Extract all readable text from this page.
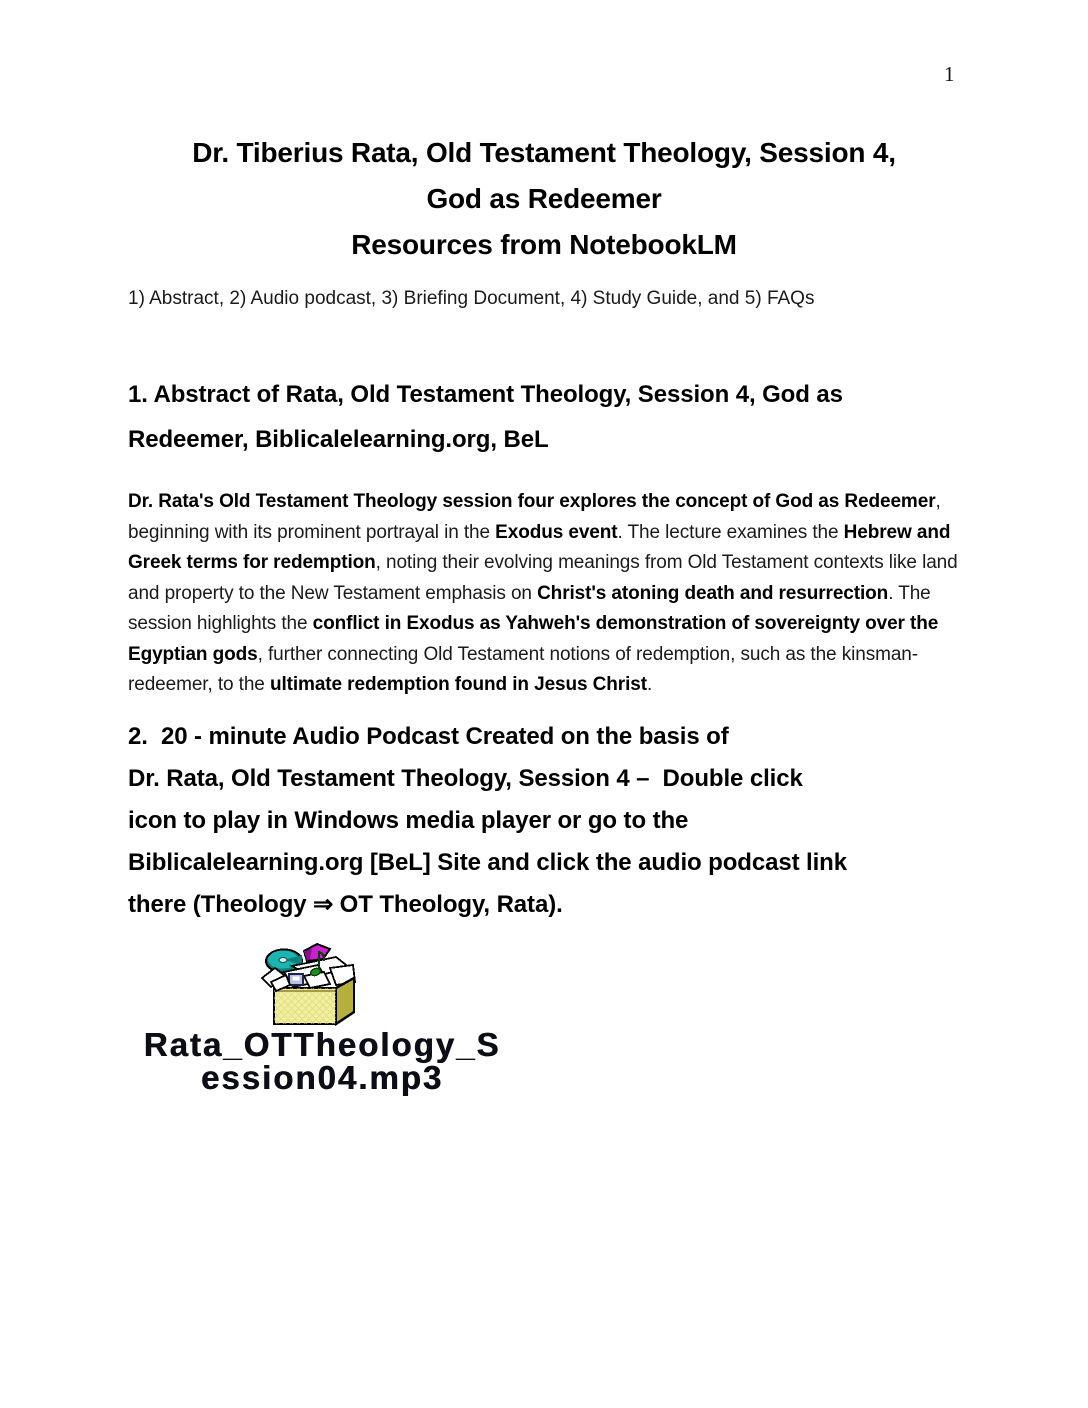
1
Dr. Tiberius Rata, Old Testament Theology, Session 4,
God as Redeemer
Resources from NotebookLM

1) Abstract, 2) Audio podcast, 3) Briefing Document, 4) Study Guide, and 5) FAQs

1. Abstract of Rata, Old Testament Theology, Session 4, God as
Redeemer, Biblicalelearning.org, BeL

Dr. Rata's Old Testament Theology session four explores the concept of God as Redeemer, beginning with its prominent portrayal in the Exodus event. The lecture examines the Hebrew and Greek terms for redemption, noting their evolving meanings from Old Testament contexts like land and property to the New Testament emphasis on Christ's atoning death and resurrection. The session highlights the conflict in Exodus as Yahweh's demonstration of sovereignty over the Egyptian gods, further connecting Old Testament notions of redemption, such as the kinsman-redeemer, to the ultimate redemption found in Jesus Christ.

2.  20 - minute Audio Podcast Created on the basis of
Dr. Rata, Old Testament Theology, Session 4 –  Double click
icon to play in Windows media player or go to the
Biblicalelearning.org [BeL] Site and click the audio podcast link
there (Theology ⇒ OT Theology, Rata).
Rata_OTTheology_S
ession04.mp3
